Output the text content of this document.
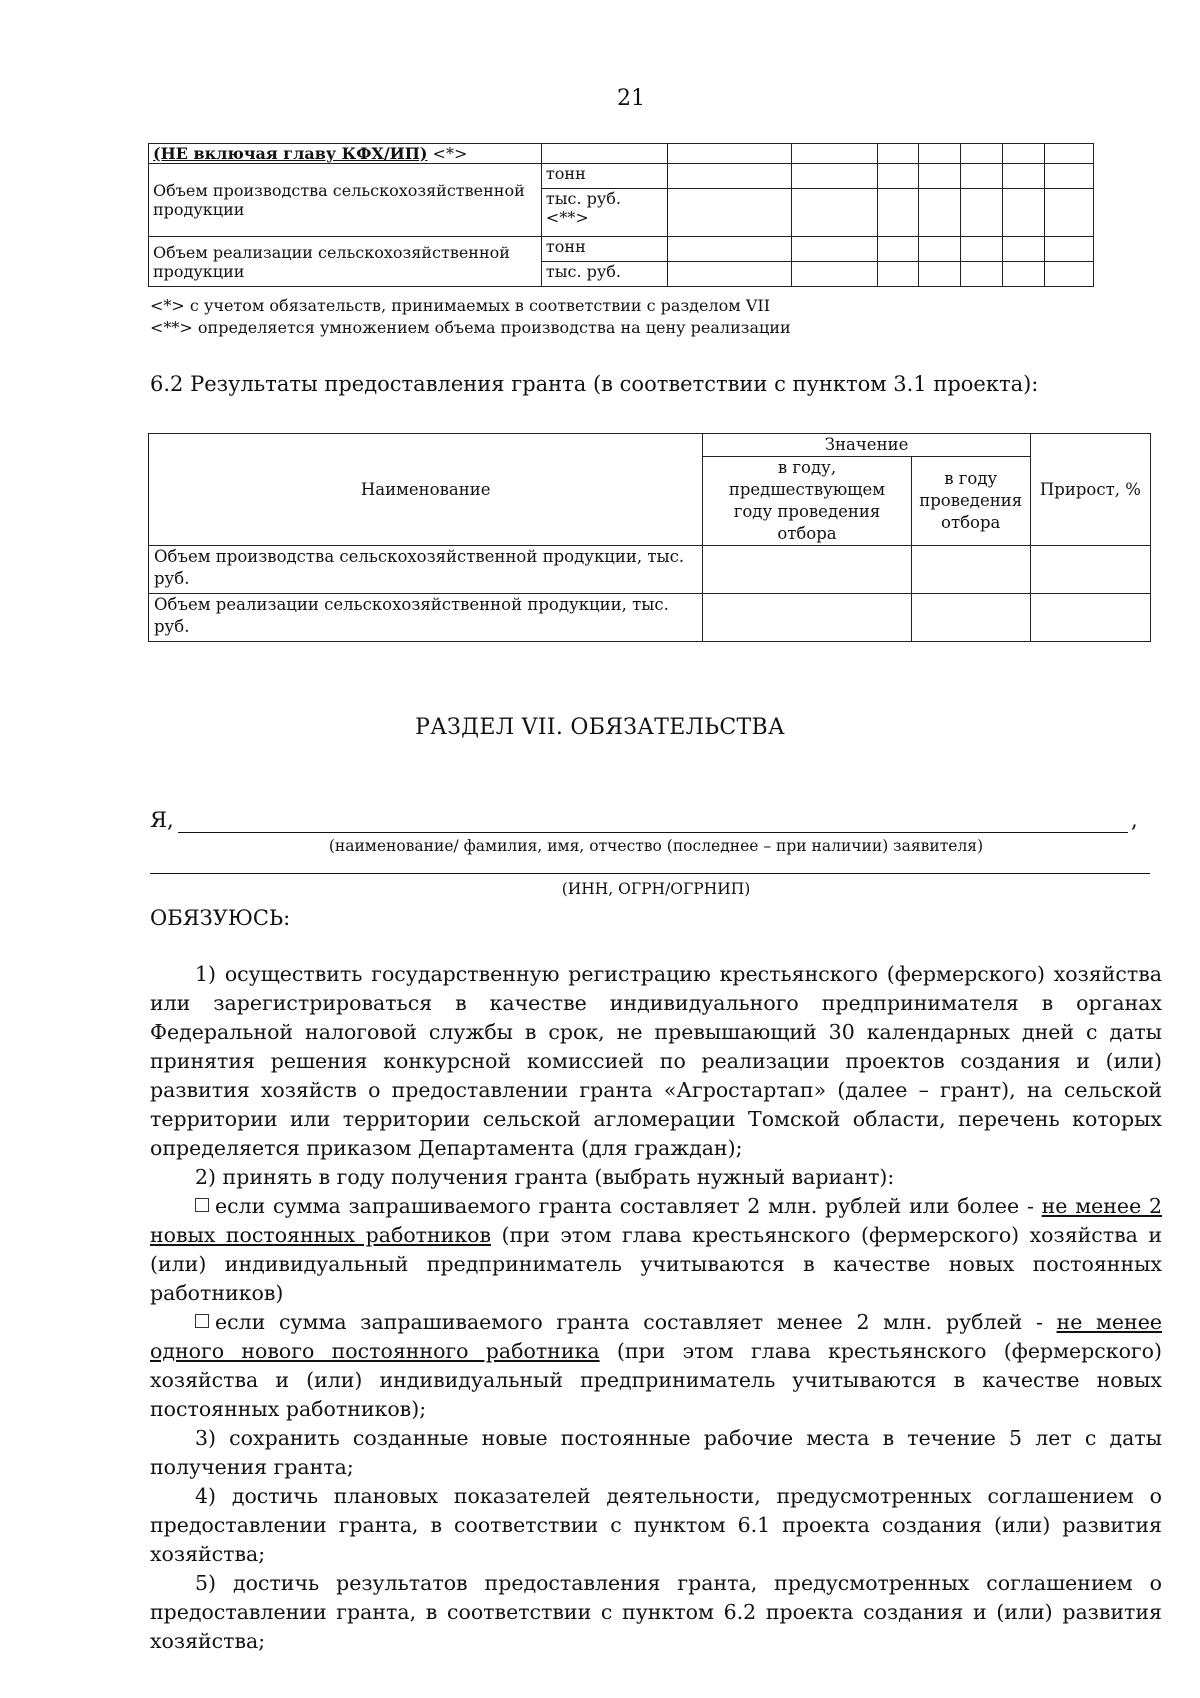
21
(НЕ включая главу КФХ/ИП) <*>								
Объем производства сельскохозяйственной продукции	тонн							
	тыс. руб. <**>							
Объем реализации сельскохозяйственной продукции	тонн							
	тыс. руб.							
<*> с учетом обязательств, принимаемых в соответствии с разделом VII
<**> определяется умножением объема производства на цену реализации
6.2 Результаты предоставления гранта (в соответствии с пунктом 3.1 проекта):
Наименование	Значение		Прирост, %
	в году, предшествующем году проведения отбора	в году проведения отбора	
Объем производства сельскохозяйственной продукции, тыс. руб.			
Объем реализации сельскохозяйственной продукции, тыс. руб.			
РАЗДЕЛ VII. ОБЯЗАТЕЛЬСТВА
Я,	,
(наименование/ фамилия, имя, отчество (последнее – при наличии) заявителя)
(ИНН, ОГРН/ОГРНИП)
ОБЯЗУЮСЬ:

1) осуществить государственную регистрацию крестьянского (фермерского) хозяйства или зарегистрироваться в качестве индивидуального предпринимателя в органах Федеральной налоговой службы в срок, не превышающий 30 календарных дней с даты принятия решения конкурсной комиссией по реализации проектов создания и (или) развития хозяйств о предоставлении гранта «Агростартап» (далее – грант), на сельской территории или территории сельской агломерации Томской области, перечень которых определяется приказом Департамента (для граждан);

2) принять в году получения гранта (выбрать нужный вариант):

если сумма запрашиваемого гранта составляет 2 млн. рублей или более - не менее 2 новых постоянных работников (при этом глава крестьянского (фермерского) хозяйства и (или) индивидуальный предприниматель учитываются в качестве новых постоянных работников)

если сумма запрашиваемого гранта составляет менее 2 млн. рублей - не менее одного нового постоянного работника (при этом глава крестьянского (фермерского) хозяйства и (или) индивидуальный предприниматель учитываются в качестве новых постоянных работников);

3) сохранить созданные новые постоянные рабочие места в течение 5 лет с даты получения гранта;

4) достичь плановых показателей деятельности, предусмотренных соглашением о предоставлении гранта, в соответствии с пунктом 6.1 проекта создания (или) развития хозяйства;

5) достичь результатов предоставления гранта, предусмотренных соглашением о предоставлении гранта, в соответствии с пунктом 6.2 проекта создания и (или) развития хозяйства;
